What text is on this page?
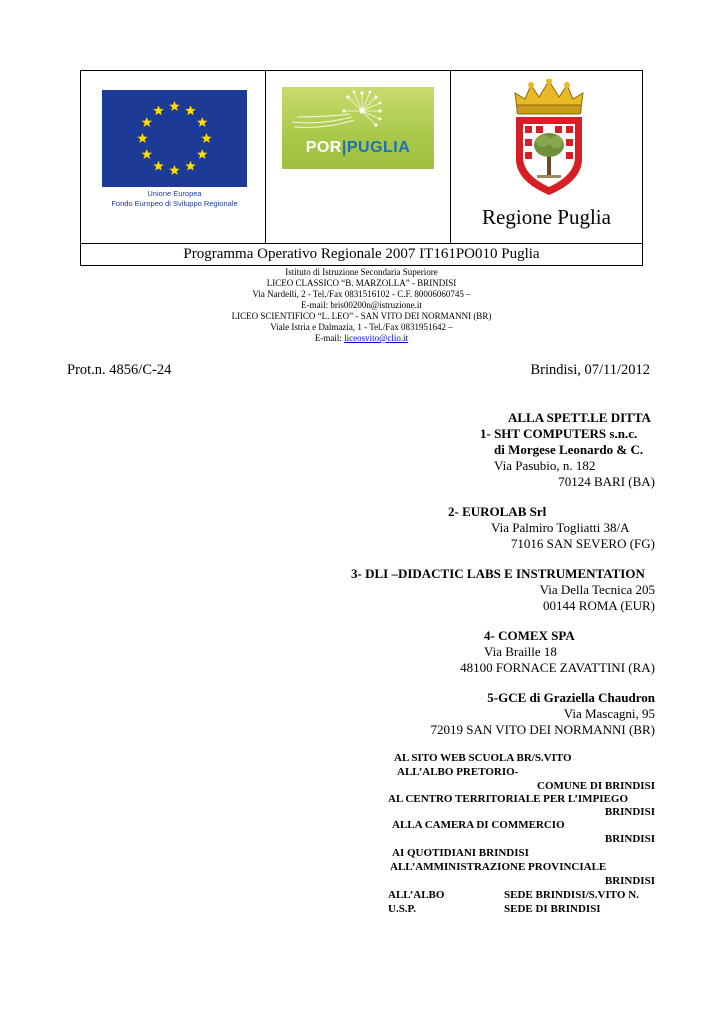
Unione Europea
Fondo Europeo di Sviluppo Regionale
POR|PUGLIA
Regione Puglia
Programma Operativo Regionale 2007 IT161PO010 Puglia
Istituto di Istruzione Secondaria Superiore
LICEO CLASSICO “B. MARZOLLA” - BRINDISI
Via Nardelli, 2 - Tel./Fax 0831516102 - C.F. 80006060745 –
E-mail: bris00200n@istruzione.it
LICEO SCIENTIFICO “L. LEO” - SAN VITO DEI NORMANNI (BR)
Viale Istria e Dalmazia, 1 - Tel./Fax 0831951642 –
E-mail: liceosvito@clio.it
Prot.n. 4856/C-24	Brindisi, 07/11/2012
ALLA SPETT.LE DITTA
1- SHT COMPUTERS s.n.c.
di Morgese Leonardo & C.
Via Pasubio, n. 182
70124 BARI (BA)
2- EUROLAB Srl
Via Palmiro Togliatti 38/A
71016 SAN SEVERO (FG)
3- DLI –DIDACTIC LABS E INSTRUMENTATION
Via Della Tecnica 205
00144 ROMA (EUR)
4- COMEX SPA
Via Braille 18
48100 FORNACE ZAVATTINI (RA)
5-GCE di Graziella Chaudron
Via Mascagni, 95
72019 SAN VITO DEI NORMANNI (BR)
AL SITO WEB SCUOLA BR/S.VITO
ALL’ALBO PRETORIO-
COMUNE DI BRINDISI
AL CENTRO TERRITORIALE PER L’IMPIEGO
BRINDISI
ALLA CAMERA DI COMMERCIO
BRINDISI
AI QUOTIDIANI BRINDISI
ALL’AMMINISTRAZIONE PROVINCIALE
BRINDISI
ALL’ALBO	SEDE BRINDISI/S.VITO N.
U.S.P.	SEDE DI BRINDISI
